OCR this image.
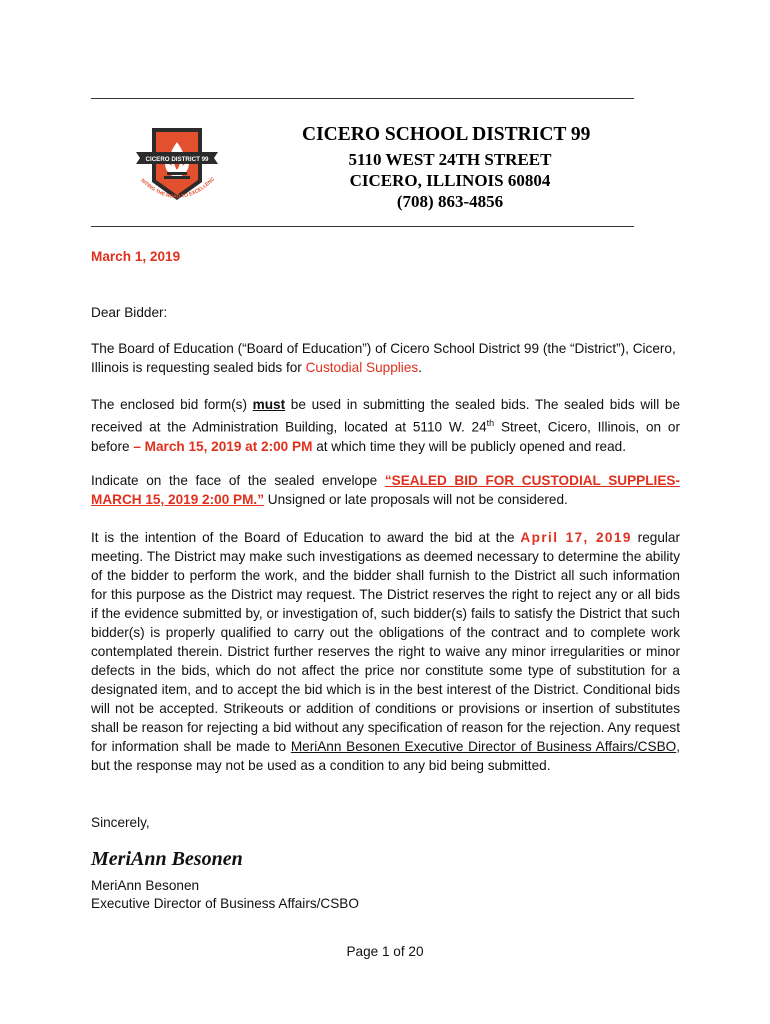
CICERO DISTRICT 99
NITING THE ROAD TO EXCELLENC
CICERO SCHOOL DISTRICT 99
5110 WEST 24TH STREET
CICERO, ILLINOIS 60804
(708) 863-4856
March 1, 2019
Dear Bidder:
The Board of Education (“Board of Education”) of Cicero School District 99 (the “District”), Cicero, Illinois is requesting sealed bids for Custodial Supplies.
The enclosed bid form(s) must be used in submitting the sealed bids. The sealed bids will be received at the Administration Building, located at 5110 W. 24th Street, Cicero, Illinois, on or before – March 15, 2019 at 2:00 PM at which time they will be publicly opened and read.
Indicate on the face of the sealed envelope “SEALED BID FOR CUSTODIAL SUPPLIES- MARCH 15, 2019 2:00 PM.” Unsigned or late proposals will not be considered.
It is the intention of the Board of Education to award the bid at the April 17, 2019 regular meeting. The District may make such investigations as deemed necessary to determine the ability of the bidder to perform the work, and the bidder shall furnish to the District all such information for this purpose as the District may request. The District reserves the right to reject any or all bids if the evidence submitted by, or investigation of, such bidder(s) fails to satisfy the District that such bidder(s) is properly qualified to carry out the obligations of the contract and to complete work contemplated therein. District further reserves the right to waive any minor irregularities or minor defects in the bids, which do not affect the price nor constitute some type of substitution for a designated item, and to accept the bid which is in the best interest of the District. Conditional bids will not be accepted. Strikeouts or addition of conditions or provisions or insertion of substitutes shall be reason for rejecting a bid without any specification of reason for the rejection. Any request for information shall be made to MeriAnn Besonen Executive Director of Business Affairs/CSBO, but the response may not be used as a condition to any bid being submitted.
Sincerely,
MeriAnn Besonen
MeriAnn Besonen
Executive Director of Business Affairs/CSBO
Page 1 of 20
